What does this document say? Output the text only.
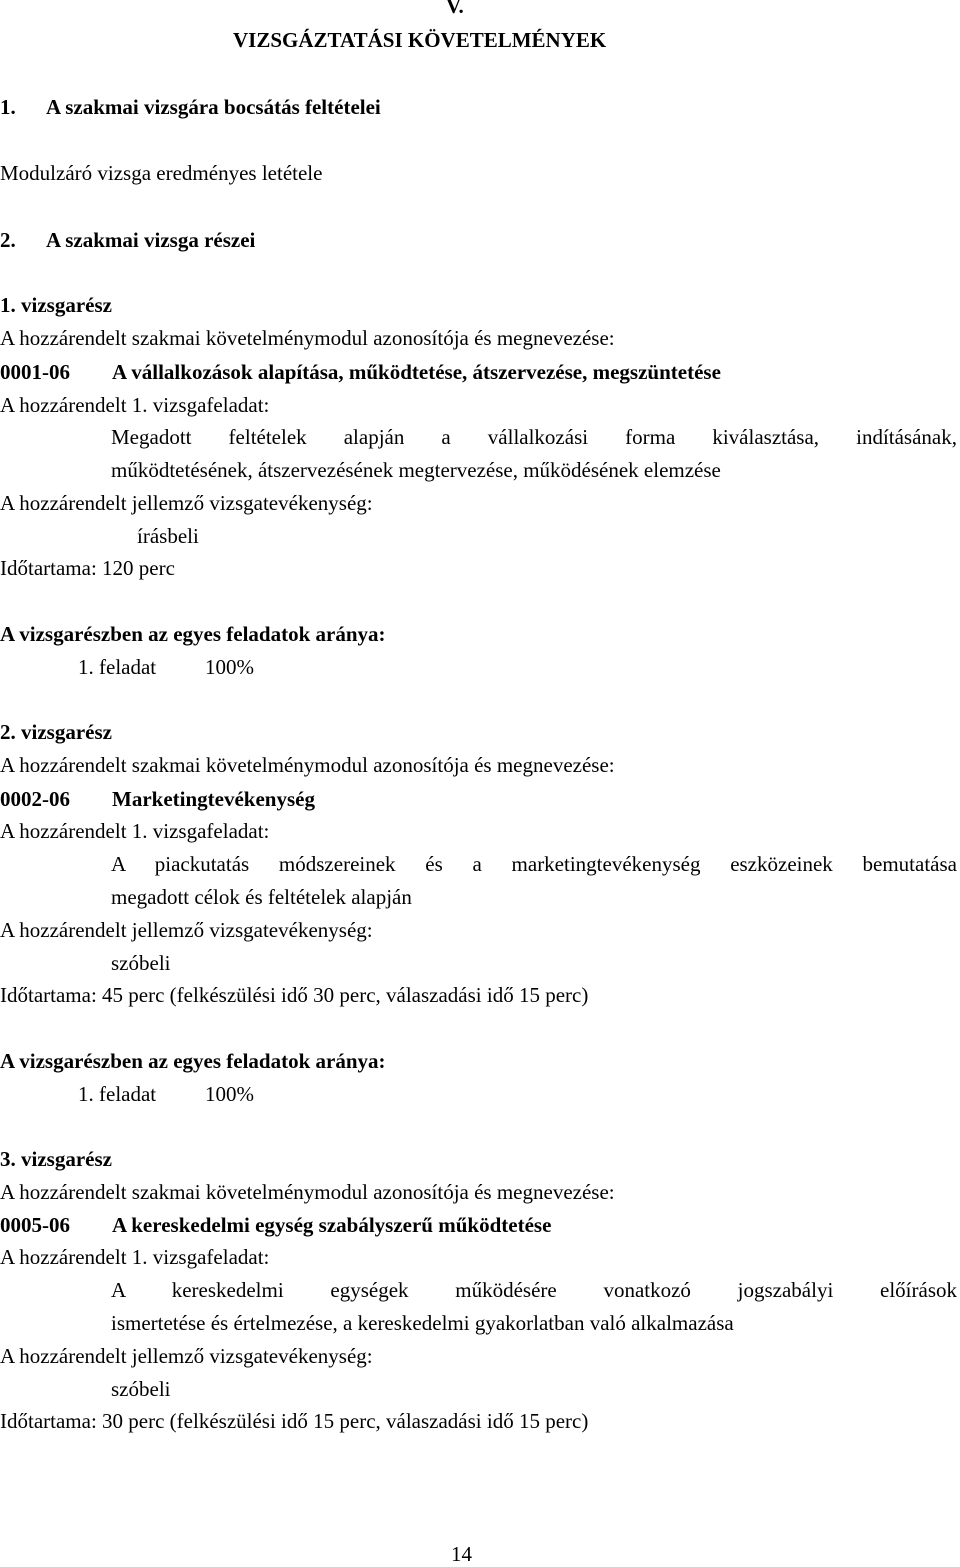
V.
VIZSGÁZTATÁSI KÖVETELMÉNYEK
1. A szakmai vizsgára bocsátás feltételei
Modulzáró vizsga eredményes letétele
2. A szakmai vizsga részei
1. vizsgarész
A hozzárendelt szakmai követelménymodul azonosítója és megnevezése:
0001-06 A vállalkozások alapítása, működtetése, átszervezése, megszüntetése
A hozzárendelt 1. vizsgafeladat:
Megadott feltételek alapján a vállalkozási forma kiválasztása, indításának,
működtetésének, átszervezésének megtervezése, működésének elemzése
A hozzárendelt jellemző vizsgatevékenység:
írásbeli
Időtartama: 120 perc
A vizsgarészben az egyes feladatok aránya:
1. feladat 100%
2. vizsgarész
A hozzárendelt szakmai követelménymodul azonosítója és megnevezése:
0002-06 Marketingtevékenység
A hozzárendelt 1. vizsgafeladat:
A piackutatás módszereinek és a marketingtevékenység eszközeinek bemutatása
megadott célok és feltételek alapján
A hozzárendelt jellemző vizsgatevékenység:
szóbeli
Időtartama: 45 perc (felkészülési idő 30 perc, válaszadási idő 15 perc)
A vizsgarészben az egyes feladatok aránya:
1. feladat 100%
3. vizsgarész
A hozzárendelt szakmai követelménymodul azonosítója és megnevezése:
0005-06 A kereskedelmi egység szabályszerű működtetése
A hozzárendelt 1. vizsgafeladat:
A kereskedelmi egységek működésére vonatkozó jogszabályi előírások
ismertetése és értelmezése, a kereskedelmi gyakorlatban való alkalmazása
A hozzárendelt jellemző vizsgatevékenység:
szóbeli
Időtartama: 30 perc (felkészülési idő 15 perc, válaszadási idő 15 perc)
14
